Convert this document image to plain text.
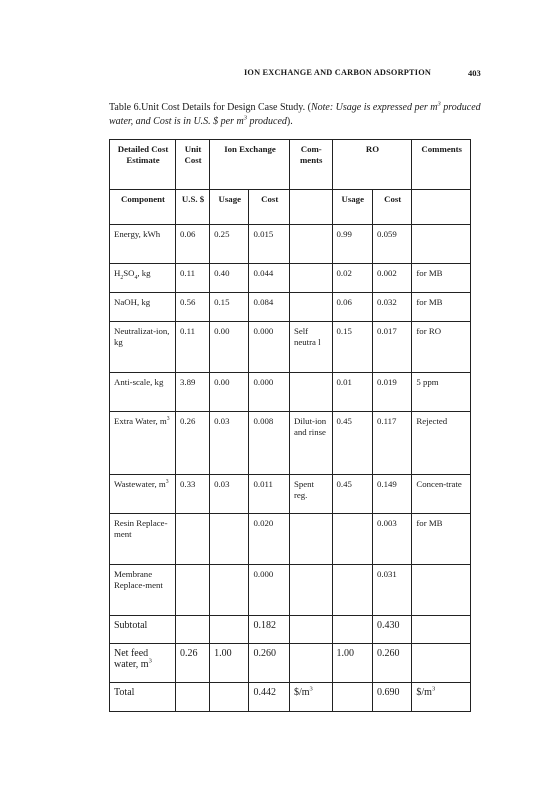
ION EXCHANGE AND CARBON ADSORPTION	403
Table 6.Unit Cost Details for Design Case Study. (Note: Usage is expressed per $m^3$ produced water, and Cost is in U.S. $ per $m^3$ produced).
Detailed Cost Estimate	Unit Cost	Ion Exchange		Com-ments	RO		Comments
Component	U.S. $	Usage	Cost		Usage	Cost	
Energy, kWh	0.06	0.25	0.015		0.99	0.059	
$H_2SO_4$, kg	0.11	0.40	0.044		0.02	0.002	for MB
NaOH, kg	0.56	0.15	0.084		0.06	0.032	for MB
Neutralizat-ion, kg	0.11	0.00	0.000	Self neutra l	0.15	0.017	for RO
Anti-scale, kg	3.89	0.00	0.000		0.01	0.019	5 ppm
Extra Water, $m^3$	0.26	0.03	0.008	Dilut-ion and rinse	0.45	0.117	Rejected
Wastewater, $m^3$	0.33	0.03	0.011	Spent reg.	0.45	0.149	Concen-trate
Resin Replace-ment			0.020			0.003	for MB
Membrane Replace-ment			0.000			0.031	
Subtotal			0.182			0.430	
Net feed water, $m^3$	0.26	1.00	0.260		1.00	0.260	
Total			0.442	$\$/m^3$		0.690	$\$/m^3$
